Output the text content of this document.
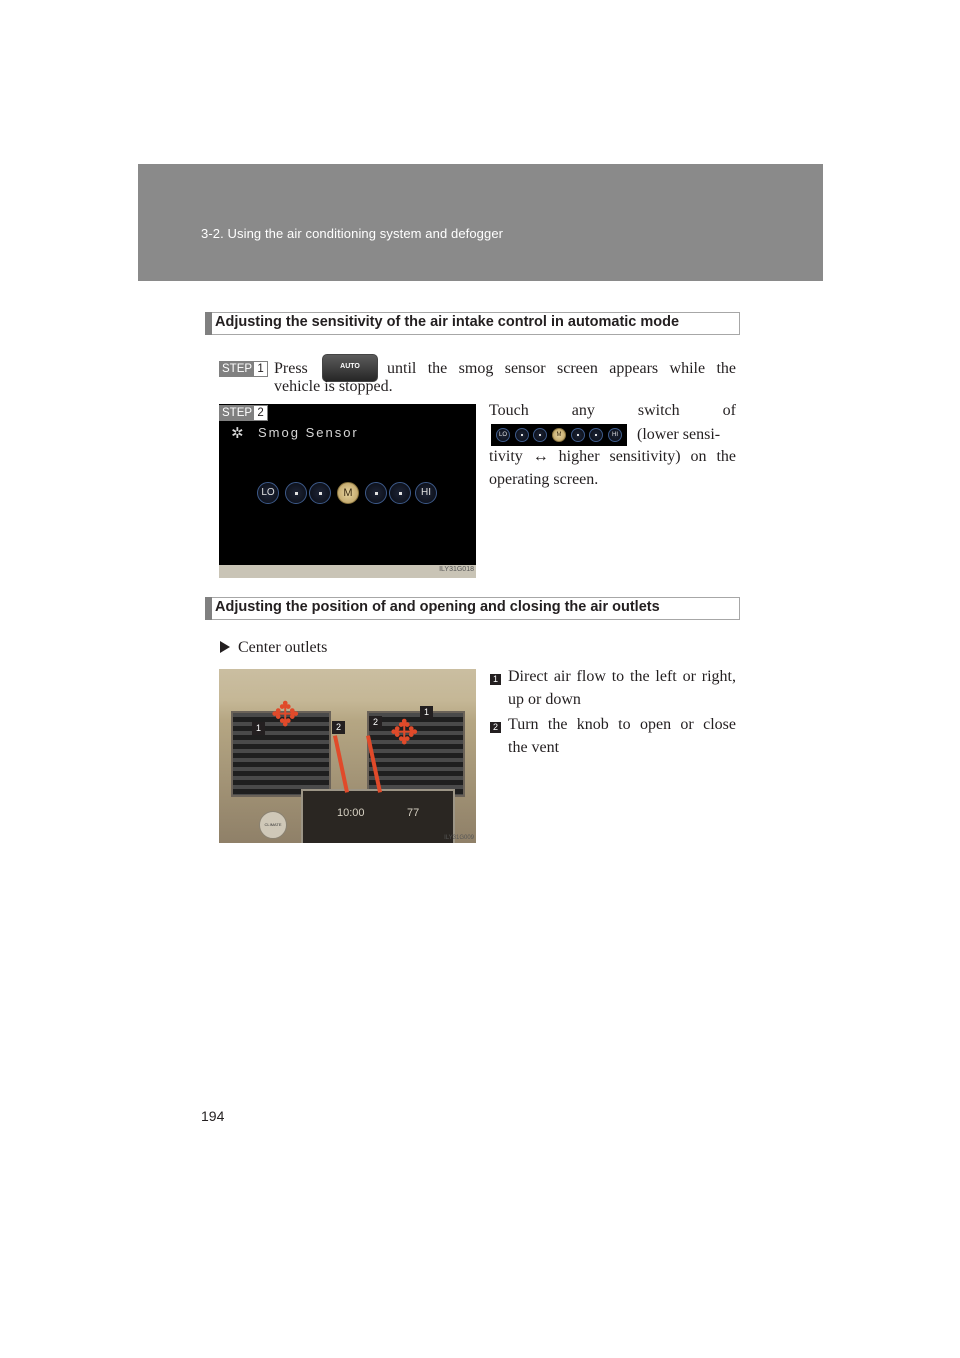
3-2. Using the air conditioning system and defogger
Adjusting the sensitivity of the air intake control in automatic mode
STEP 1 Press	AUTO	until the smog sensor screen appears while the
vehicle is stopped.
STEP 2
✲ Smog Sensor
LO	M	HI
ILY31G018
Touch any switch of
LO	M	HI (lower sensi-
tivity ↔ higher sensitivity) on the
operating screen.
Adjusting the position of and opening and closing the air outlets
Center outlets
10:00	77
CLIMATE
✥	✥
1	2	2
1
ILY31G009
1 Direct air flow to the left or right,
up or down
2 Turn the knob to open or close
the vent
194
